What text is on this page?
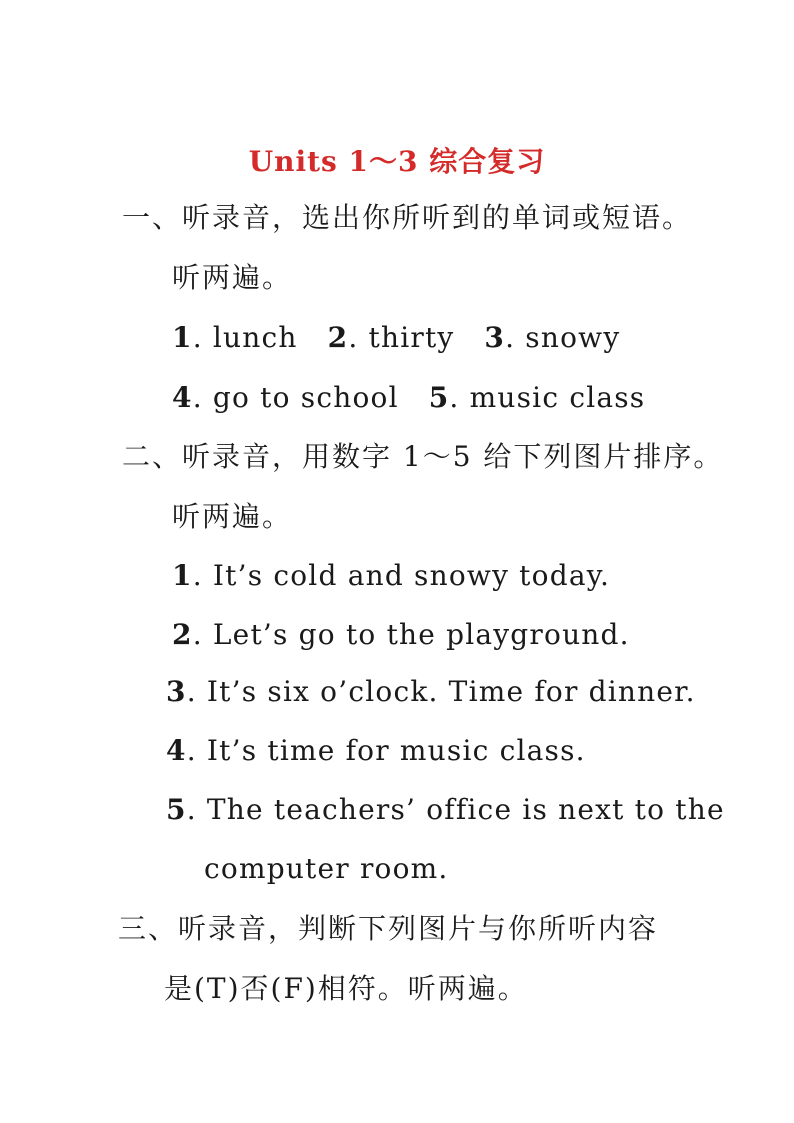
Units 1～3 综合复习
一、听录音，选出你所听到的单词或短语。
听两遍。
1. lunch 2. thirty 3. snowy
4. go to school 5. music class
二、听录音，用数字 1～5 给下列图片排序。
听两遍。
1. It’s cold and snowy today.
2. Let’s go to the playground.
3. It’s six o’clock. Time for dinner.
4. It’s time for music class.
5. The teachers’ office is next to the
computer room.
三、听录音，判断下列图片与你所听内容
是(T)否(F)相符。听两遍。
